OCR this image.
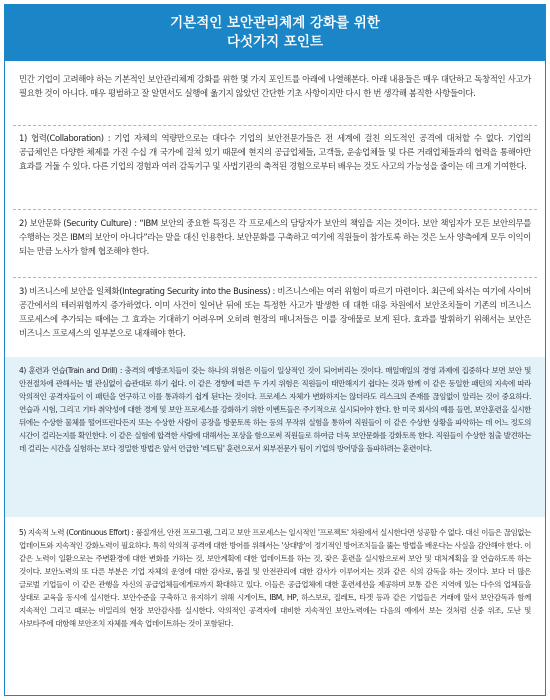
기본적인 보안관리체계 강화를 위한
다섯가지 포인트

민간 기업이 고려해야 하는 기본적인 보안관리체계 강화를 위한 몇 가지 포인트를 아래에 나열해본다. 아래 내용들은 매우 대단하고 독창적인 사고가 필요한 것이 아니다. 매우 평범하고 잘 알면서도 실행에 옮기지 않았던 간단한 기초 사항이지만 다시 한 번 생각해 봄직한 사항들이다.

1) 협력(Collaboration) : 기업 자체의 역량만으로는 대다수 기업의 보안전문가들은 전 세계에 걸친 의도적인 공격에 대처할 수 없다. 기업의 공급체인은 다양한 체제를 가진 수십 개 국가에 걸쳐 있기 때문에 현지의 공급업체들, 고객들, 운송업체들 및 다른 거래업체들과의 협력을 통해야만 효과를 거둘 수 있다. 다른 기업의 경험과 여러 감독기구 및 사법기관의 축적된 경험으로부터 배우는 것도 사고의 가능성을 줄이는 데 크게 기여한다.

2) 보안문화 (Security Culture) : “IBM 보안의 중요한 특징은 각 프로세스의 담당자가 보안의 책임을 지는 것이다. 보안 책임자가 모든 보안의무를 수행하는 것은 IBM의 보안이 아니다”라는 말을 대신 인용한다. 보안문화를 구축하고 여기에 직원들이 참가토록 하는 것은 노사 양측에게 모두 이익이 되는 만큼 노사가 함께 협조해야 한다.

3) 비즈니스에 보안을 일체화(Integrating Security into the Business) : 비즈니스에는 여러 위험이 따르기 마련이다. 최근에 와서는 여기에 사이버 공간에서의 테러위험까지 증가하였다. 이미 사건이 일어난 뒤에 또는 특정한 사고가 발생한 데 대한 대응 차원에서 보안조치들이 기존의 비즈니스 프로세스에 추가되는 때에는 그 효과는 기대하기 어려우며 오히려 현장의 매니저들은 이를 장애물로 보게 된다. 효과를 발휘하기 위해서는 보안은 비즈니스 프로세스의 일부분으로 내재해야 한다.

4) 훈련과 연습(Train and Drill) : 충격의 예방조치들이 갖는 하나의 위험은 이들이 일상적인 것이 되어버리는 것이다. 매일매일의 경영 과제에 집중하다 보면 보안 및 안전절차에 관해서는 별 관심없이 습관대로 하기 쉽다. 이 같은 경향에 따른 두 가지 위험은 직원들이 태만해지기 쉽다는 것과 함께 이 같은 동일한 패턴의 지속에 따라 악의적인 공격자들이 이 패턴을 연구하고 이를 통과하기 쉽게 된다는 것이다. 프로세스 자체가 변화하지는 않더라도 리스크의 존재를 끊임없이 알리는 것이 중요하다. 연습과 시험, 그리고 기타 취약성에 대한 경계 및 보안 프로세스를 강화하기 위한 이벤트들은 주기적으로 실시되어야 한다. 한 미국 회사의 예를 들면, 보안훈련을 실시한 뒤에는 수상한 물체를 떨어뜨린다든지 또는 수상한 사람이 공장을 방문토록 하는 등의 무작위 실험을 통하여 직원들이 이 같은 수상한 상황을 파악하는 데 어느 정도의 시간이 걸리는지를 확인한다. 이 같은 실험에 합격한 사람에 대해서는 포상을 함으로써 직원들로 하여금 더욱 보안문화를 강화토록 한다. 직원들이 수상한 침출 발견하는 데 걸리는 시간을 실험하는 보다 정밀한 방법은 앞서 언급한 '레드팀' 훈련으로서 외부전문가 팀이 기업의 방어망을 돌파하려는 훈련이다.

5) 지속적 노력 (Continuous Effort) : 품질개선, 안전 프로그램, 그리고 보안 프로세스는 일시적인 '프로젝트' 차원에서 실시한다면 성공할 수 없다. 대신 이들은 끊임없는 업데이트와 지속적인 강화노력이 필요하다. 특히 악의적 공격에 대한 방어를 위해서는 '상대방'이 정기적인 방어조치들을 뚫는 방법을 배운다는 사실을 감안해야 한다. 이 같은 노력이 일환으로는 주변환경에 대한 변화를 가하는 것, 보안계획에 대한 업데이트를 하는 것, 잦은 훈련을 실시함으로써 보안 및 대처계획을 잘 연습하도록 하는 것이다. 보안노력의 또 다른 부분은 기업 자체의 운영에 대한 감사로, 품질 및 안전관리에 대한 감사가 이루어지는 것과 같은 식의 감독을 하는 것이다. 보다 더 많은 글로벌 기업들이 이 같은 관행을 자신의 공급업체들에게로까지 확대하고 있다. 이들은 공급업체에 대한 훈련세션을 제공하며 보통 같은 지역에 있는 다수의 업체들을 상대로 교육을 동시에 실시한다. 보안수준을 구축하고 유지하기 위해 시게이트, IBM, HP, 하스보로, 질레트, 타겟 등과 같은 기업들은 거래에 앞서 보안감독과 함께 지속적인 그리고 때로는 비밀리의 현장 보안감사를 실시한다. 악의적인 공격자에 대비한 지속적인 보안노력에는 다음의 예에서 보는 것처럼 신중 위조, 도난 및 사보타주에 대항해 보안조치 자체를 계속 업데이트하는 것이 포함된다.
